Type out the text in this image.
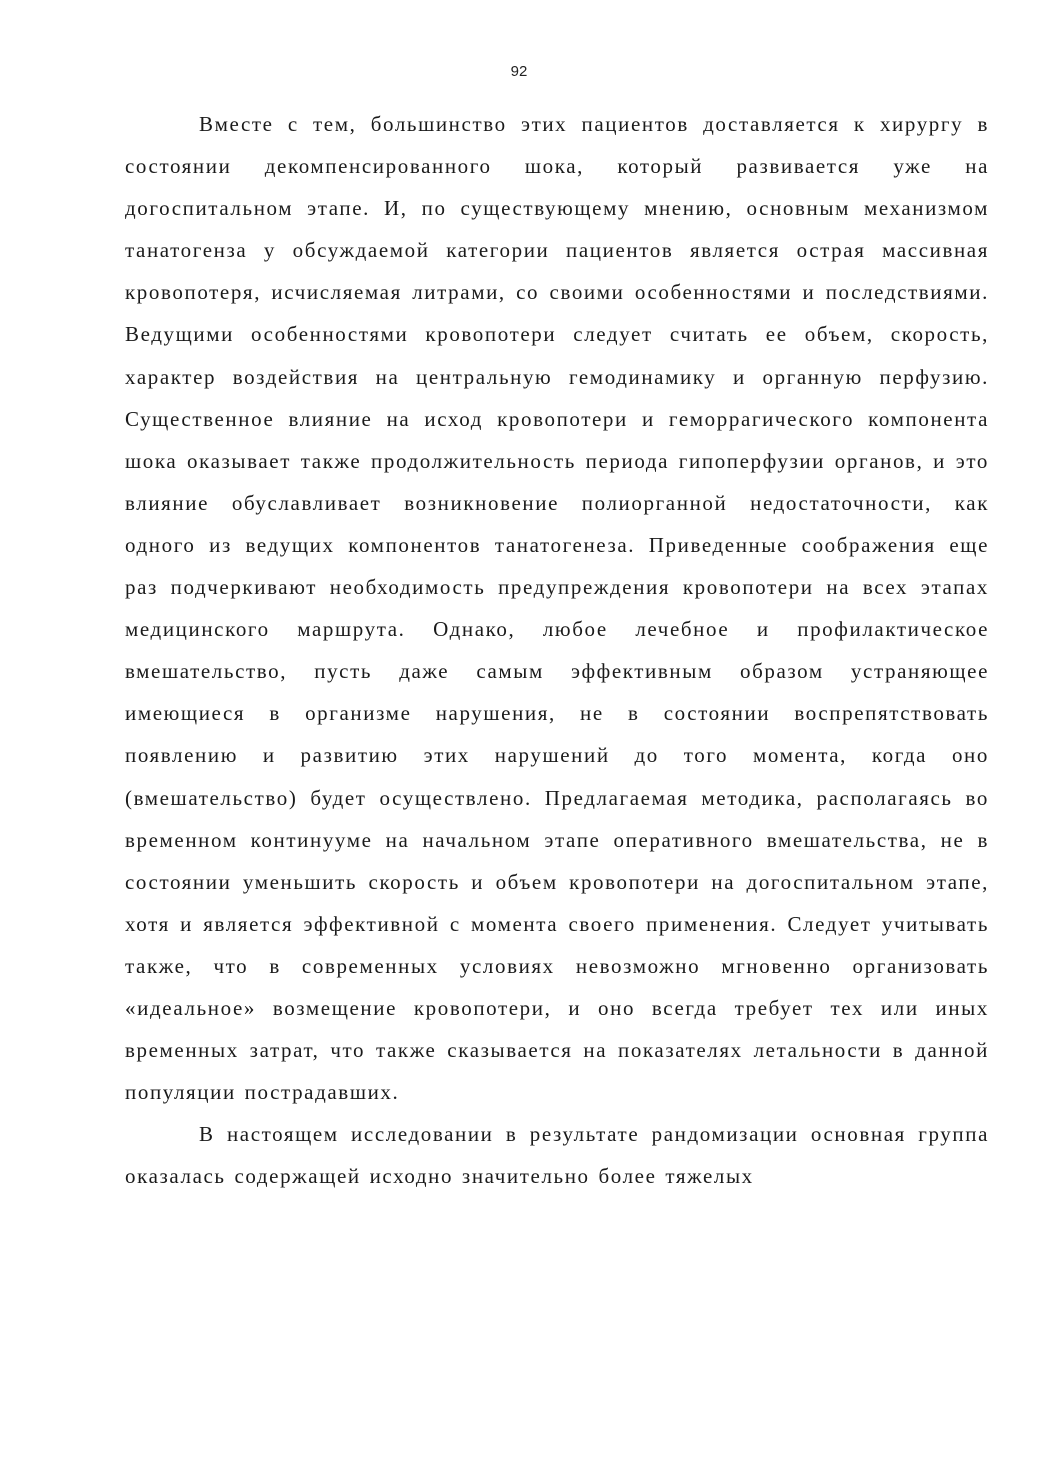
92

Вместе с тем, большинство этих пациентов доставляется к хирургу в состоянии декомпенсированного шока, который развивается уже на догоспитальном этапе. И, по существующему мнению, основным механизмом танатогенза у обсуждаемой категории пациентов является острая массивная кровопотеря, исчисляемая литрами, со своими особенностями и последствиями. Ведущими особенностями кровопотери следует считать ее объем, скорость, характер воздействия на центральную гемодинамику и органную перфузию. Существенное влияние на исход кровопотери и геморрагического компонента шока оказывает также продолжительность периода гипоперфузии органов, и это влияние обуславливает возникновение полиорганной недостаточности, как одного из ведущих компонентов танатогенеза. Приведенные соображения еще раз подчеркивают необходимость предупреждения кровопотери на всех этапах медицинского маршрута. Однако, любое лечебное и профилактическое вмешательство, пусть даже самым эффективным образом устраняющее имеющиеся в организме нарушения, не в состоянии воспрепятствовать появлению и развитию этих нарушений до того момента, когда оно (вмешательство) будет осуществлено. Предлагаемая методика, располагаясь во временном континууме на начальном этапе оперативного вмешательства, не в состоянии уменьшить скорость и объем кровопотери на догоспитальном этапе, хотя и является эффективной с момента своего применения. Следует учитывать также, что в современных условиях невозможно мгновенно организовать «идеальное» возмещение кровопотери, и оно всегда требует тех или иных временных затрат, что также сказывается на показателях летальности в данной популяции пострадавших.

В настоящем исследовании в результате рандомизации основная группа оказалась содержащей исходно значительно более тяжелых
